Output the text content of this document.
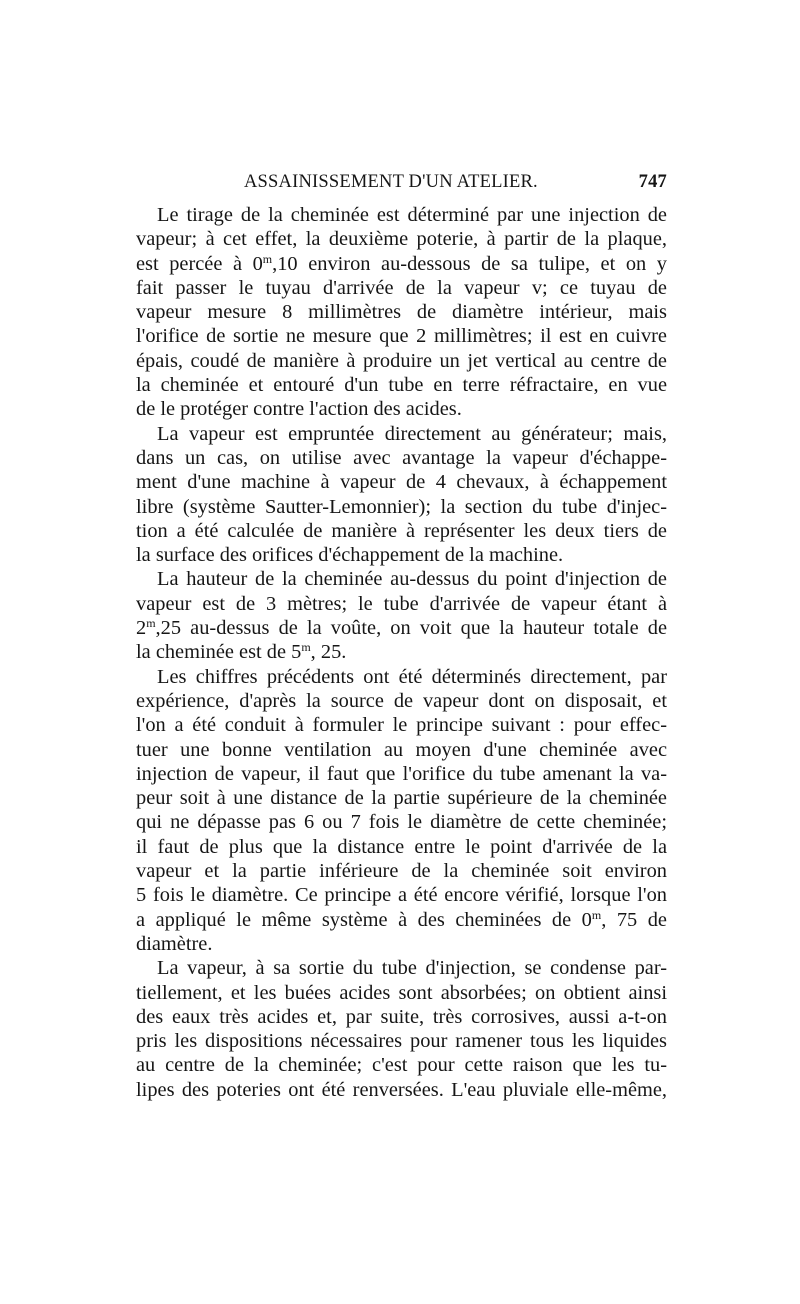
ASSAINISSEMENT D'UN ATELIER.	747
Le tirage de la cheminée est déterminé par une injection de
vapeur; à cet effet, la deuxième poterie, à partir de la plaque,
est percée à 0$^m$,10 environ au-dessous de sa tulipe, et on y
fait passer le tuyau d'arrivée de la vapeur v; ce tuyau de
vapeur mesure 8 millimètres de diamètre intérieur, mais
l'orifice de sortie ne mesure que 2 millimètres; il est en cuivre
épais, coudé de manière à produire un jet vertical au centre de
la cheminée et entouré d'un tube en terre réfractaire, en vue
de le protéger contre l'action des acides.
La vapeur est empruntée directement au générateur; mais,
dans un cas, on utilise avec avantage la vapeur d'échappe-
ment d'une machine à vapeur de 4 chevaux, à échappement
libre (système Sautter-Lemonnier); la section du tube d'injec-
tion a été calculée de manière à représenter les deux tiers de
la surface des orifices d'échappement de la machine.
La hauteur de la cheminée au-dessus du point d'injection de
vapeur est de 3 mètres; le tube d'arrivée de vapeur étant à
2$^m$,25 au-dessus de la voûte, on voit que la hauteur totale de
la cheminée est de 5$^m$, 25.
Les chiffres précédents ont été déterminés directement, par
expérience, d'après la source de vapeur dont on disposait, et
l'on a été conduit à formuler le principe suivant : pour effec-
tuer une bonne ventilation au moyen d'une cheminée avec
injection de vapeur, il faut que l'orifice du tube amenant la va-
peur soit à une distance de la partie supérieure de la cheminée
qui ne dépasse pas 6 ou 7 fois le diamètre de cette cheminée;
il faut de plus que la distance entre le point d'arrivée de la
vapeur et la partie inférieure de la cheminée soit environ
5 fois le diamètre. Ce principe a été encore vérifié, lorsque l'on
a appliqué le même système à des cheminées de 0$^m$, 75 de
diamètre.
La vapeur, à sa sortie du tube d'injection, se condense par-
tiellement, et les buées acides sont absorbées; on obtient ainsi
des eaux très acides et, par suite, très corrosives, aussi a-t-on
pris les dispositions nécessaires pour ramener tous les liquides
au centre de la cheminée; c'est pour cette raison que les tu-
lipes des poteries ont été renversées. L'eau pluviale elle-même,
